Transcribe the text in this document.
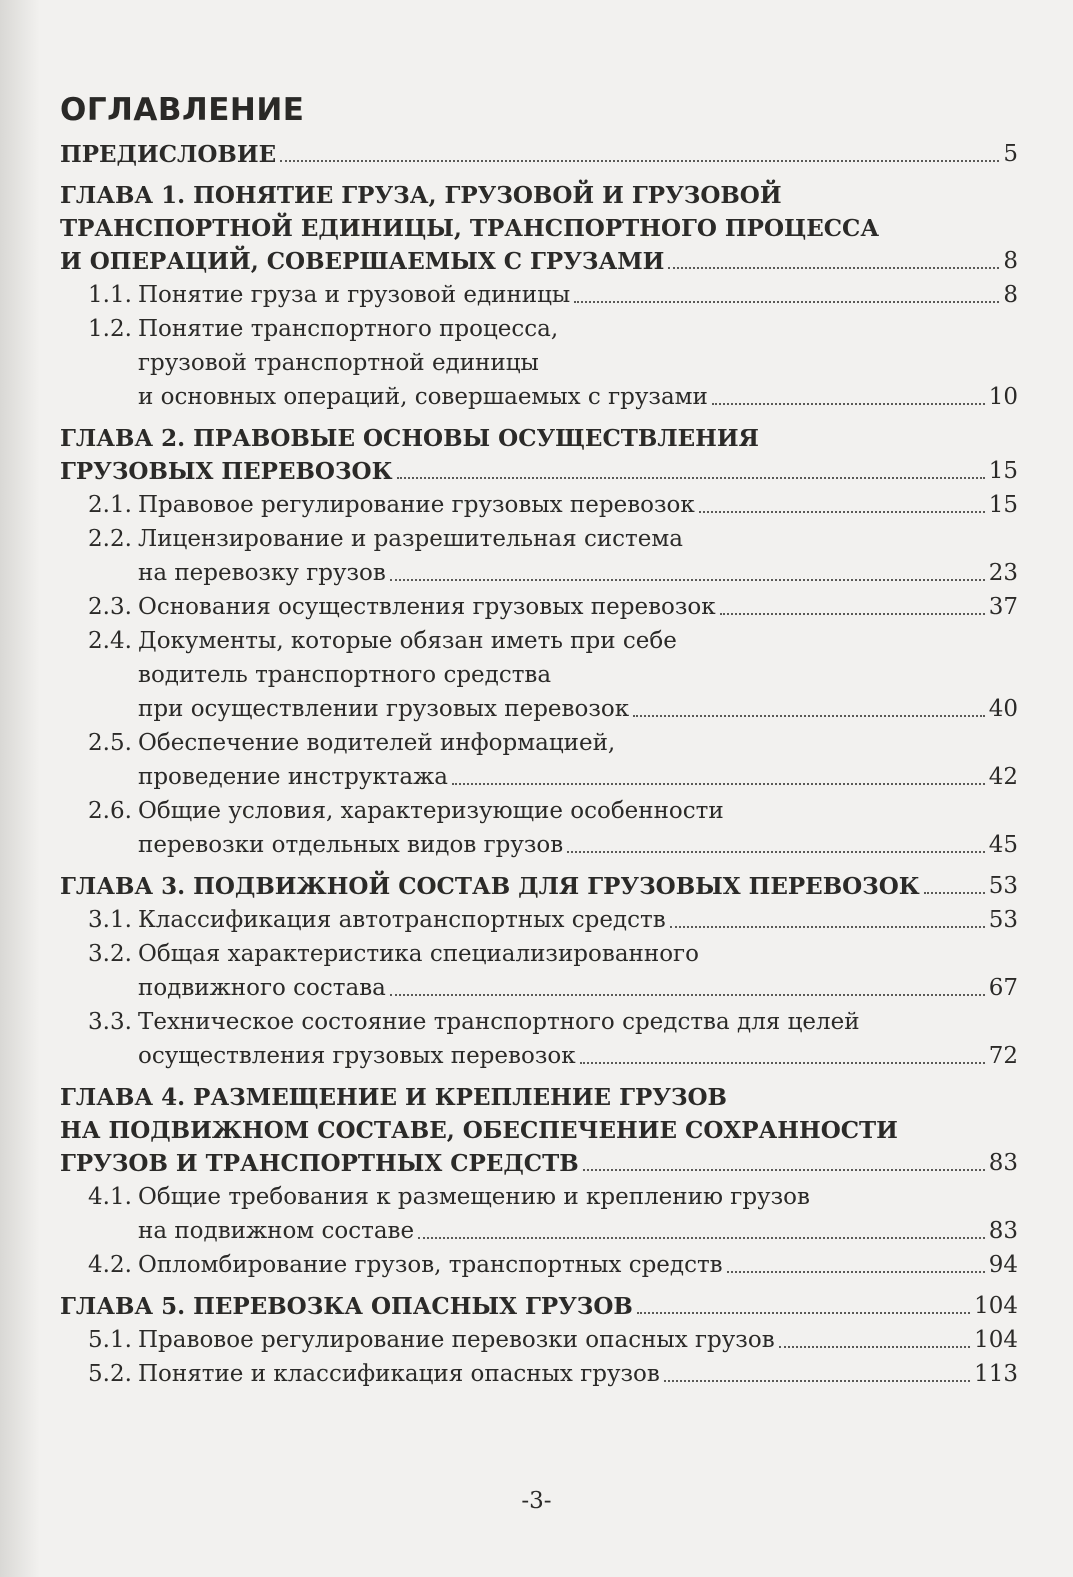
ОГЛАВЛЕНИЕ
ПРЕДИСЛОВИЕ	5
ГЛАВА 1. ПОНЯТИЕ ГРУЗА, ГРУЗОВОЙ И ГРУЗОВОЙ
ТРАНСПОРТНОЙ ЕДИНИЦЫ, ТРАНСПОРТНОГО ПРОЦЕССА
И ОПЕРАЦИЙ, СОВЕРШАЕМЫХ С ГРУЗАМИ	8
1.1. Понятие груза и грузовой единицы	8
1.2. Понятие транспортного процесса,
грузовой транспортной единицы
и основных операций, совершаемых с грузами	10
ГЛАВА 2. ПРАВОВЫЕ ОСНОВЫ ОСУЩЕСТВЛЕНИЯ
ГРУЗОВЫХ ПЕРЕВОЗОК	15
2.1. Правовое регулирование грузовых перевозок	15
2.2. Лицензирование и разрешительная система
на перевозку грузов	23
2.3. Основания осуществления грузовых перевозок	37
2.4. Документы, которые обязан иметь при себе
водитель транспортного средства
при осуществлении грузовых перевозок	40
2.5. Обеспечение водителей информацией,
проведение инструктажа	42
2.6. Общие условия, характеризующие особенности
перевозки отдельных видов грузов	45
ГЛАВА 3. ПОДВИЖНОЙ СОСТАВ ДЛЯ ГРУЗОВЫХ ПЕРЕВОЗОК	53
3.1. Классификация автотранспортных средств	53
3.2. Общая характеристика специализированного
подвижного состава	67
3.3. Техническое состояние транспортного средства для целей
осуществления грузовых перевозок	72
ГЛАВА 4. РАЗМЕЩЕНИЕ И КРЕПЛЕНИЕ ГРУЗОВ
НА ПОДВИЖНОМ СОСТАВЕ, ОБЕСПЕЧЕНИЕ СОХРАННОСТИ
ГРУЗОВ И ТРАНСПОРТНЫХ СРЕДСТВ	83
4.1. Общие требования к размещению и креплению грузов
на подвижном составе	83
4.2. Опломбирование грузов, транспортных средств	94
ГЛАВА 5. ПЕРЕВОЗКА ОПАСНЫХ ГРУЗОВ	104
5.1. Правовое регулирование перевозки опасных грузов	104
5.2. Понятие и классификация опасных грузов	113
-3-
